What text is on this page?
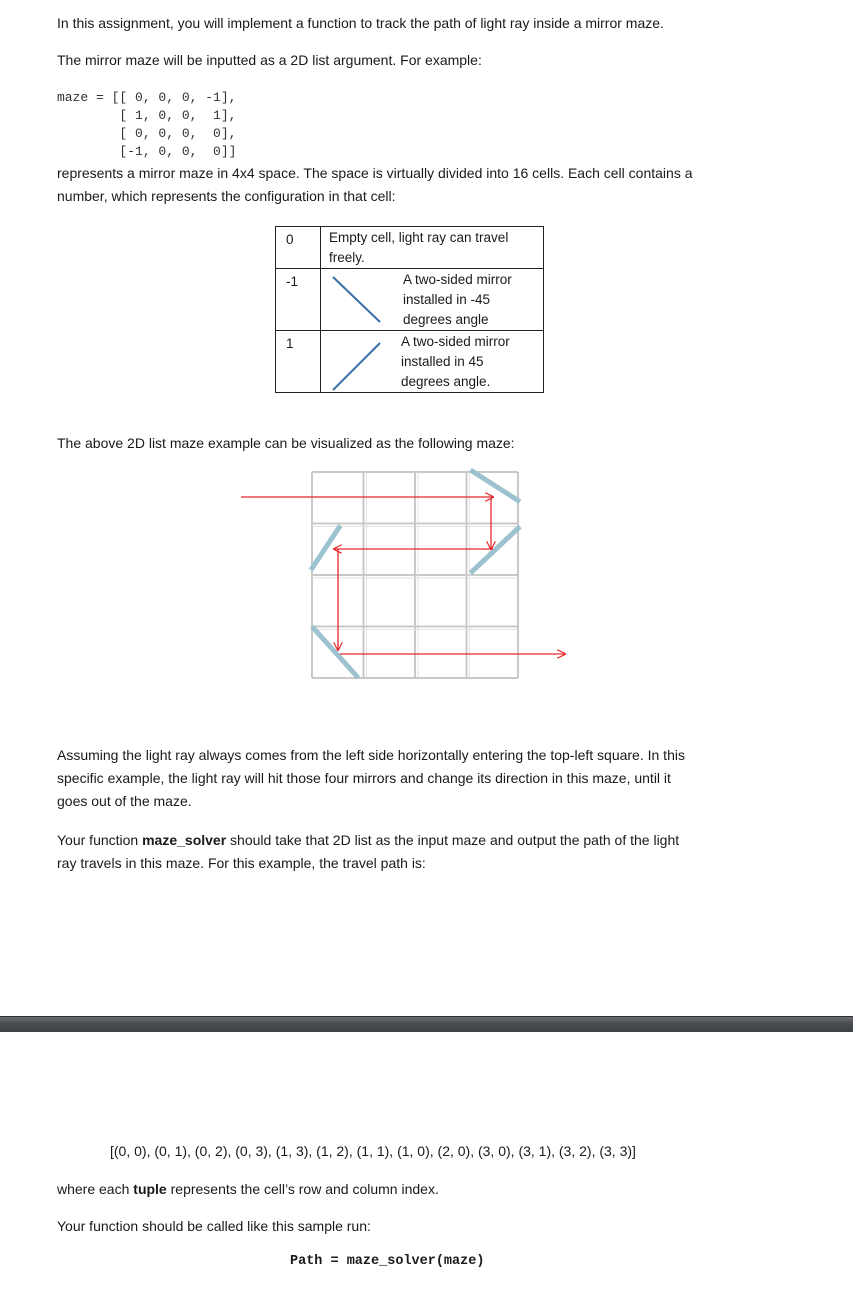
In this assignment, you will implement a function to track the path of light ray inside a mirror maze.

The mirror maze will be inputted as a 2D list argument. For example:

maze = [[ 0, 0, 0, -1],
[ 1, 0, 0,  1],
[ 0, 0, 0,  0],
[-1, 0, 0,  0]]

represents a mirror maze in 4x4 space. The space is virtually divided into 16 cells. Each cell contains a
number, which represents the configuration in that cell:

0	Empty cell, light ray can travel
freely.

-1	A two-sided mirror
installed in -45
degrees angle

1	A two-sided mirror
installed in 45
degrees angle.

The above 2D list maze example can be visualized as the following maze:

Assuming the light ray always comes from the left side horizontally entering the top-left square. In this
specific example, the light ray will hit those four mirrors and change its direction in this maze, until it
goes out of the maze.

Your function maze_solver should take that 2D list as the input maze and output the path of the light
ray travels in this maze. For this example, the travel path is:

[(0, 0), (0, 1), (0, 2), (0, 3), (1, 3), (1, 2), (1, 1), (1, 0), (2, 0), (3, 0), (3, 1), (3, 2), (3, 3)]

where each tuple represents the cell’s row and column index.

Your function should be called like this sample run:

Path = maze_solver(maze)
